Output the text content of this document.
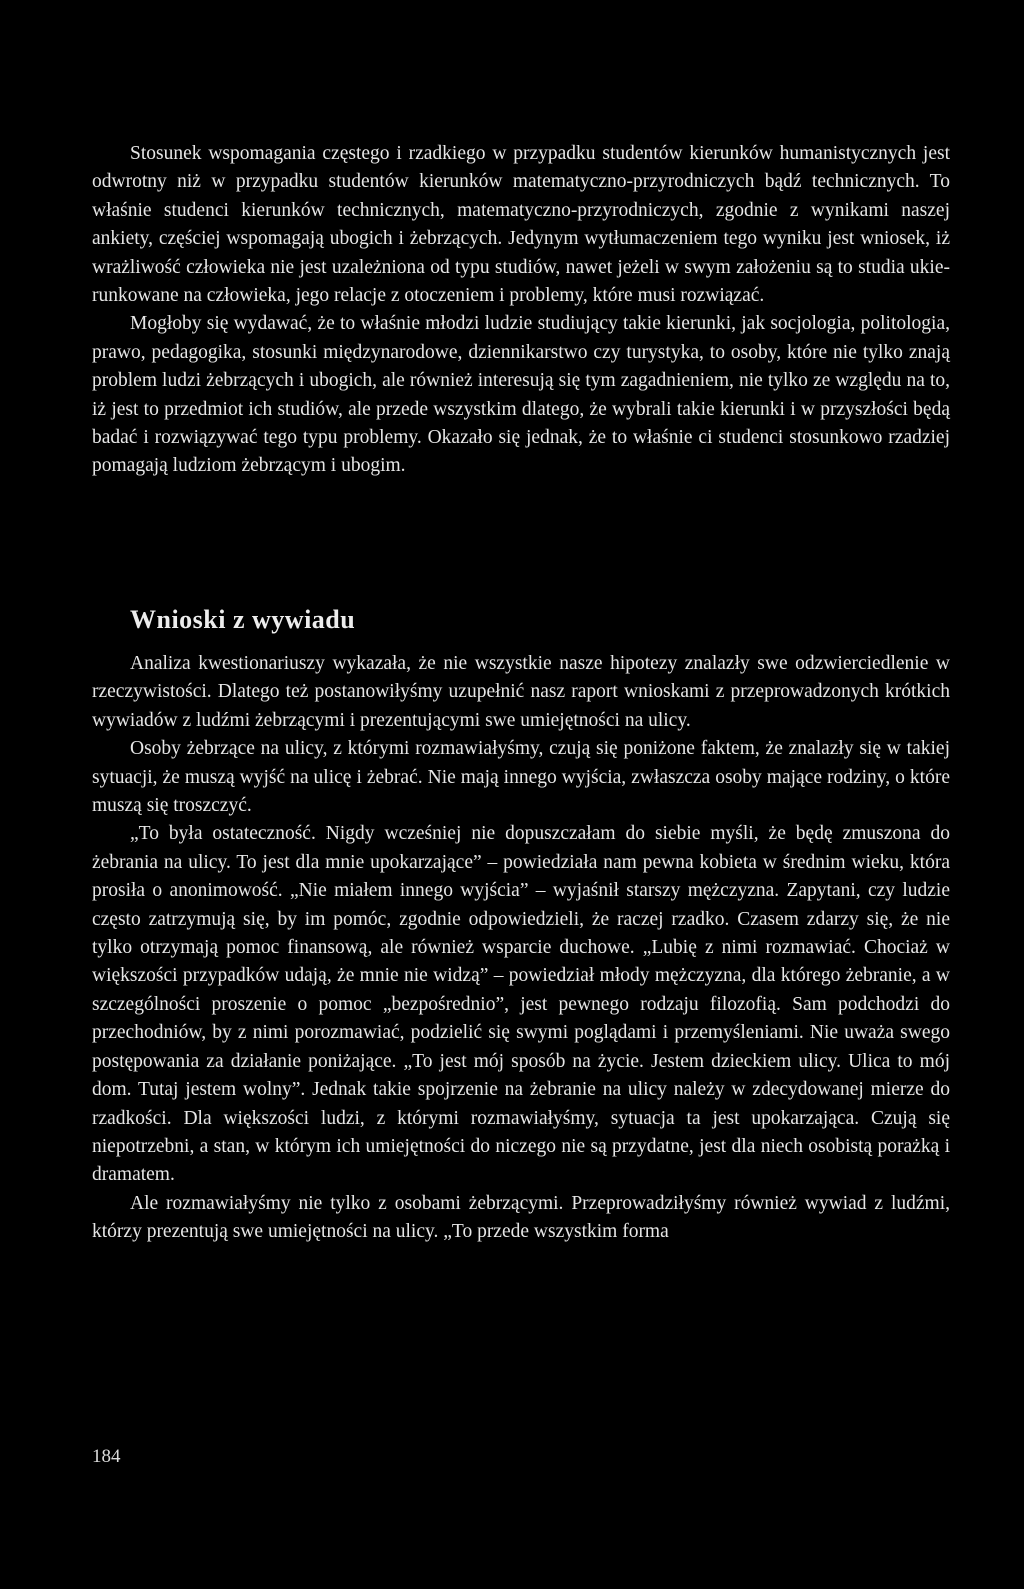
Stosunek wspomagania częstego i rzadkiego w przypadku studentów kierunków humanistycznych jest odwrotny niż w przypadku studentów kierunków matematyczno-przyrodniczych bądź technicznych. To właśnie studenci kierunków technicznych, matematyczno-przyrodniczych, zgodnie z wynikami naszej ankiety, częściej wspomagają ubogich i żebrzących. Jedynym wytłumaczeniem tego wyniku jest wniosek, iż wrażliwość człowieka nie jest uzależniona od typu studiów, nawet jeżeli w swym założeniu są to studia ukierunkowane na człowieka, jego relacje z otoczeniem i problemy, które musi rozwiązać.

Mogłoby się wydawać, że to właśnie młodzi ludzie studiujący takie kierunki, jak socjologia, politologia, prawo, pedagogika, stosunki międzynarodowe, dziennikarstwo czy turystyka, to osoby, które nie tylko znają problem ludzi żebrzących i ubogich, ale również interesują się tym zagadnieniem, nie tylko ze względu na to, iż jest to przedmiot ich studiów, ale przede wszystkim dlatego, że wybrali takie kierunki i w przyszłości będą badać i rozwiązywać tego typu problemy. Okazało się jednak, że to właśnie ci studenci stosunkowo rzadziej pomagają ludziom żebrzącym i ubogim.

Wnioski z wywiadu

Analiza kwestionariuszy wykazała, że nie wszystkie nasze hipotezy znalazły swe odzwierciedlenie w rzeczywistości. Dlatego też postanowiłyśmy uzupełnić nasz raport wnioskami z przeprowadzonych krótkich wywiadów z ludźmi żebrzącymi i prezentującymi swe umiejętności na ulicy.

Osoby żebrzące na ulicy, z którymi rozmawiałyśmy, czują się poniżone faktem, że znalazły się w takiej sytuacji, że muszą wyjść na ulicę i żebrać. Nie mają innego wyjścia, zwłaszcza osoby mające rodziny, o które muszą się troszczyć.

„To była ostateczność. Nigdy wcześniej nie dopuszczałam do siebie myśli, że będę zmuszona do żebrania na ulicy. To jest dla mnie upokarzające” – powiedziała nam pewna kobieta w średnim wieku, która prosiła o anonimowość. „Nie miałem innego wyjścia” – wyjaśnił starszy mężczyzna. Zapytani, czy ludzie często zatrzymują się, by im pomóc, zgodnie odpowiedzieli, że raczej rzadko. Czasem zdarzy się, że nie tylko otrzymają pomoc finansową, ale również wsparcie duchowe. „Lubię z nimi rozmawiać. Chociaż w większości przypadków udają, że mnie nie widzą” – powiedział młody mężczyzna, dla którego żebranie, a w szczególności proszenie o pomoc „bezpośrednio”, jest pewnego rodzaju filozofią. Sam podchodzi do przechodniów, by z nimi porozmawiać, podzielić się swymi poglądami i przemyśleniami. Nie uważa swego postępowania za działanie poniżające. „To jest mój sposób na życie. Jestem dzieckiem ulicy. Ulica to mój dom. Tutaj jestem wolny”. Jednak takie spojrzenie na żebranie na ulicy należy w zdecydowanej mierze do rzadkości. Dla większości ludzi, z którymi rozmawiałyśmy, sytuacja ta jest upokarzająca. Czują się niepotrzebni, a stan, w którym ich umiejętności do niczego nie są przydatne, jest dla niech osobistą porażką i dramatem.

Ale rozmawiałyśmy nie tylko z osobami żebrzącymi. Przeprowadziłyśmy również wywiad z ludźmi, którzy prezentują swe umiejętności na ulicy. „To przede wszystkim forma

184
